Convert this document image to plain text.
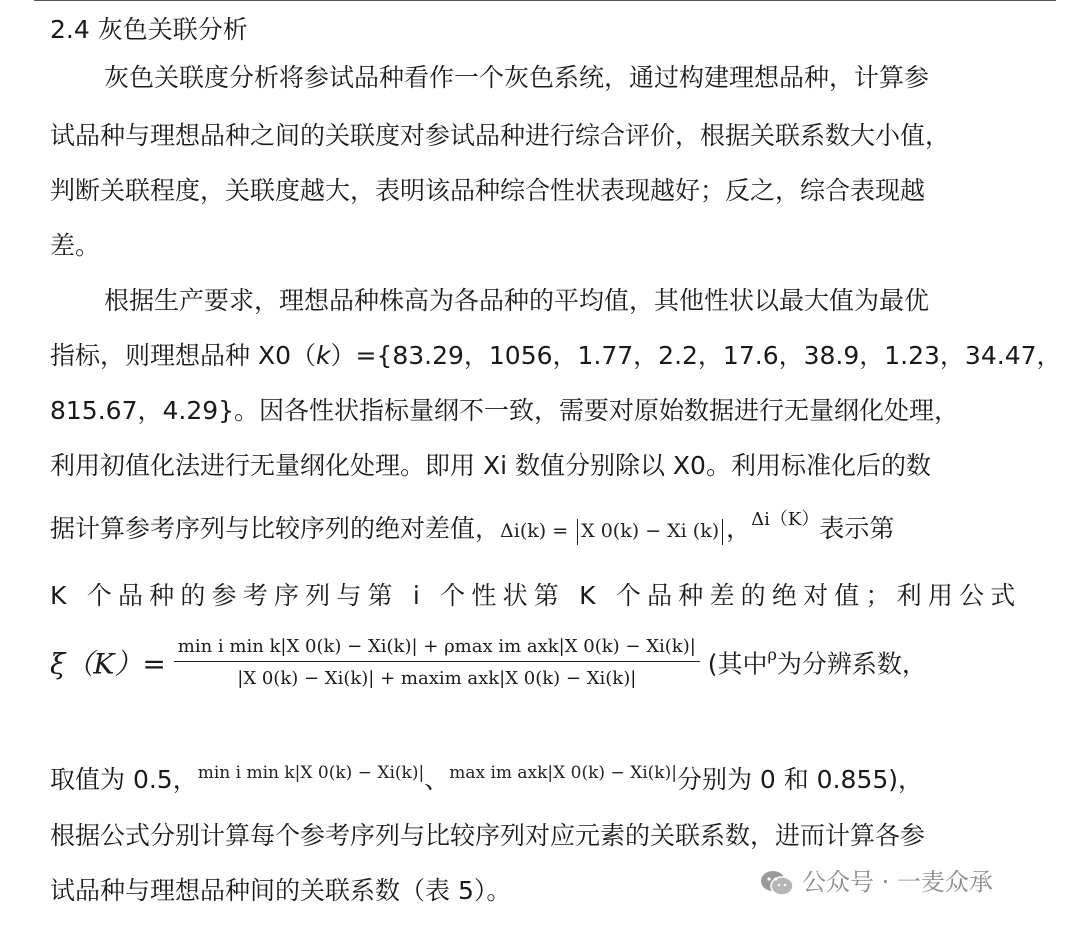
2.4 灰色关联分析
灰色关联度分析将参试品种看作一个灰色系统，通过构建理想品种，计算参
试品种与理想品种之间的关联度对参试品种进行综合评价，根据关联系数大小值，
判断关联程度，关联度越大，表明该品种综合性状表现越好；反之，综合表现越
差。
根据生产要求，理想品种株高为各品种的平均值，其他性状以最大值为最优
指标，则理想品种 X0（k）={83.29，1056，1.77，2.2，17.6，38.9，1.23，34.47，
815.67，4.29}。因各性状指标量纲不一致，需要对原始数据进行无量纲化处理，
利用初值化法进行无量纲化处理。即用 Xi 数值分别除以 X0。利用标准化后的数
据计算参考序列与比较序列的绝对差值，Δi(k) = X 0(k) − Xi (k) ，$^{\Delta i(K)}$表示第
K 个品种的参考序列与第 i 个性状第 K 个品种差的绝对值；利用公式
$\xi(K)= \frac{\text{min i min k|X 0(k) − Xi(k)| + ρmax im axk|X 0(k) − Xi(k)|}}{\text{|X 0(k) − Xi(k)| + maxim axk|X 0(k) − Xi(k)|}}$ (其中$^\rho$为分辨系数，
取值为 0.5，$^{min i min k|X 0(k) - Xi(k)|}$、$^{max im axk|X 0(k) - Xi(k)|}$分别为 0 和 0.855)，
根据公式分别计算每个参考序列与比较序列对应元素的关联系数，进而计算各参
试品种与理想品种间的关联系数（表 5）。	公众号 · 一麦众承
